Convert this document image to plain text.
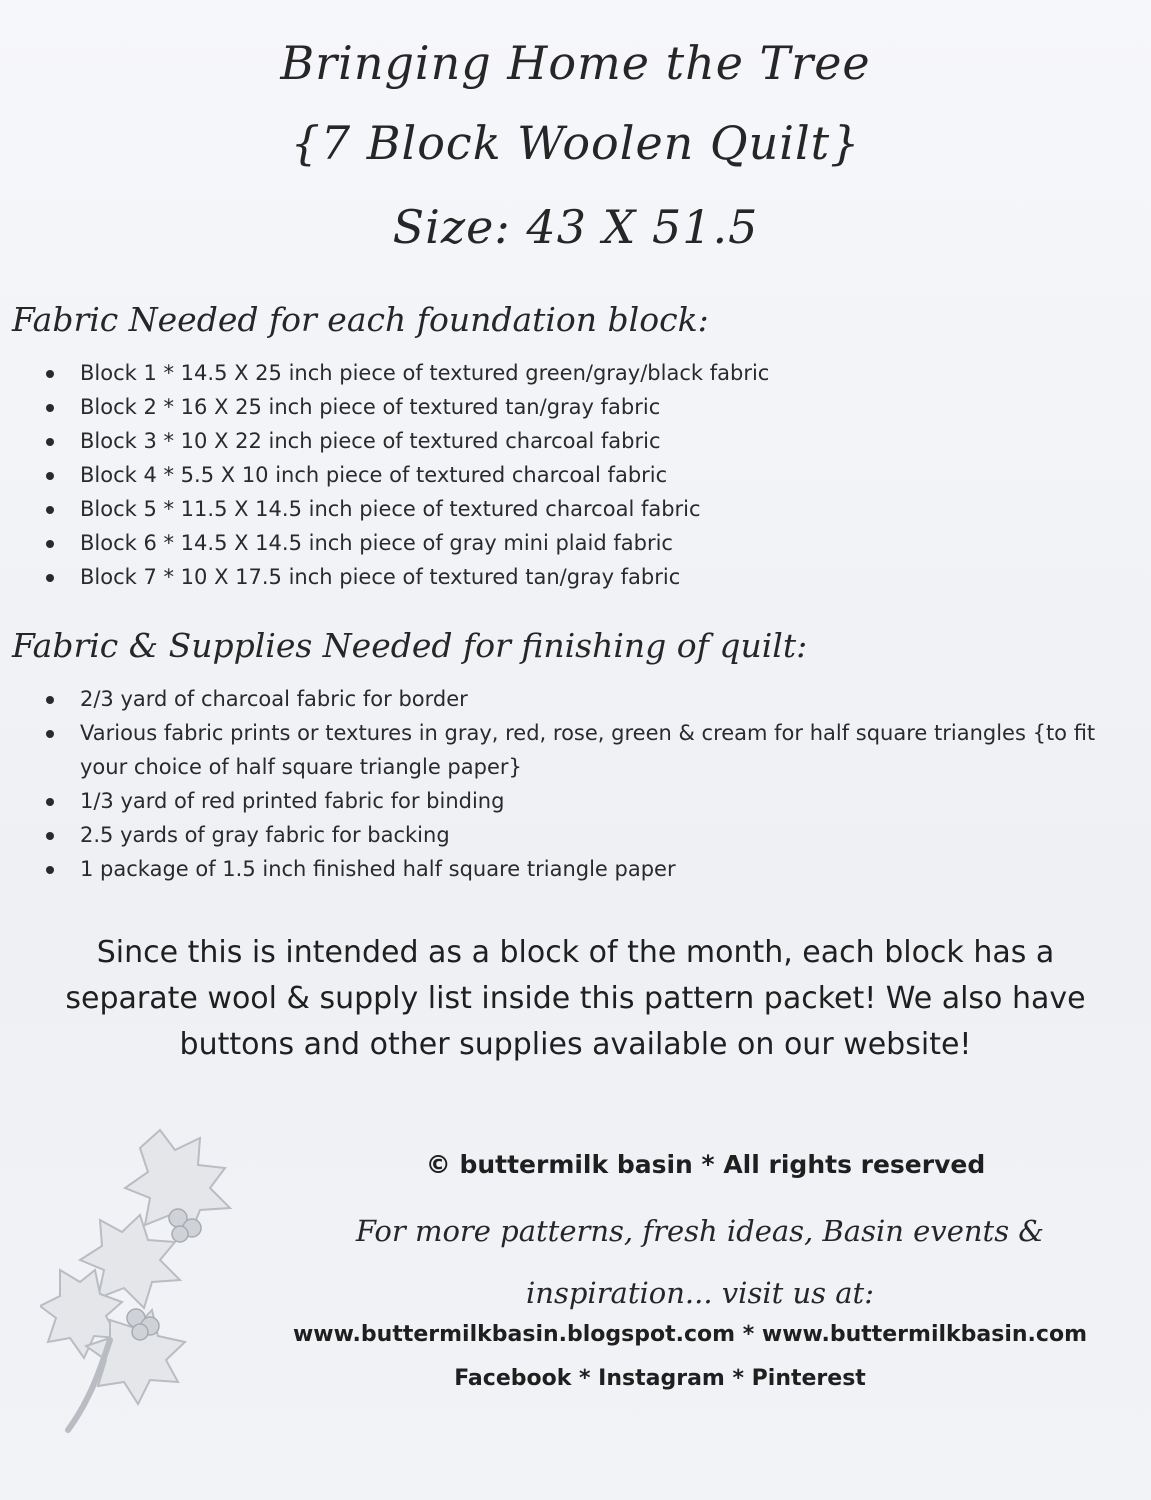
Bringing Home the Tree
{7 Block Woolen Quilt}
Size: 43 X 51.5
Fabric Needed for each foundation block:
Block 1 * 14.5 X 25 inch piece of textured green/gray/black fabric
Block 2 * 16 X 25 inch piece of textured tan/gray fabric
Block 3 * 10 X 22 inch piece of textured charcoal fabric
Block 4 * 5.5 X 10 inch piece of textured charcoal fabric
Block 5 * 11.5 X 14.5 inch piece of textured charcoal fabric
Block 6 * 14.5 X 14.5 inch piece of gray mini plaid fabric
Block 7 * 10 X 17.5 inch piece of textured tan/gray fabric
Fabric & Supplies Needed for finishing of quilt:
2/3 yard of charcoal fabric for border
Various fabric prints or textures in gray, red, rose, green & cream for half square triangles {to fit your choice of half square triangle paper}
1/3 yard of red printed fabric for binding
2.5 yards of gray fabric for backing
1 package of 1.5 inch finished half square triangle paper
Since this is intended as a block of the month, each block has a separate wool & supply list inside this pattern packet! We also have buttons and other supplies available on our website!
© buttermilk basin * All rights reserved
For more patterns, fresh ideas, Basin events & inspiration... visit us at:
www.buttermilkbasin.blogspot.com * www.buttermilkbasin.com
Facebook * Instagram * Pinterest
